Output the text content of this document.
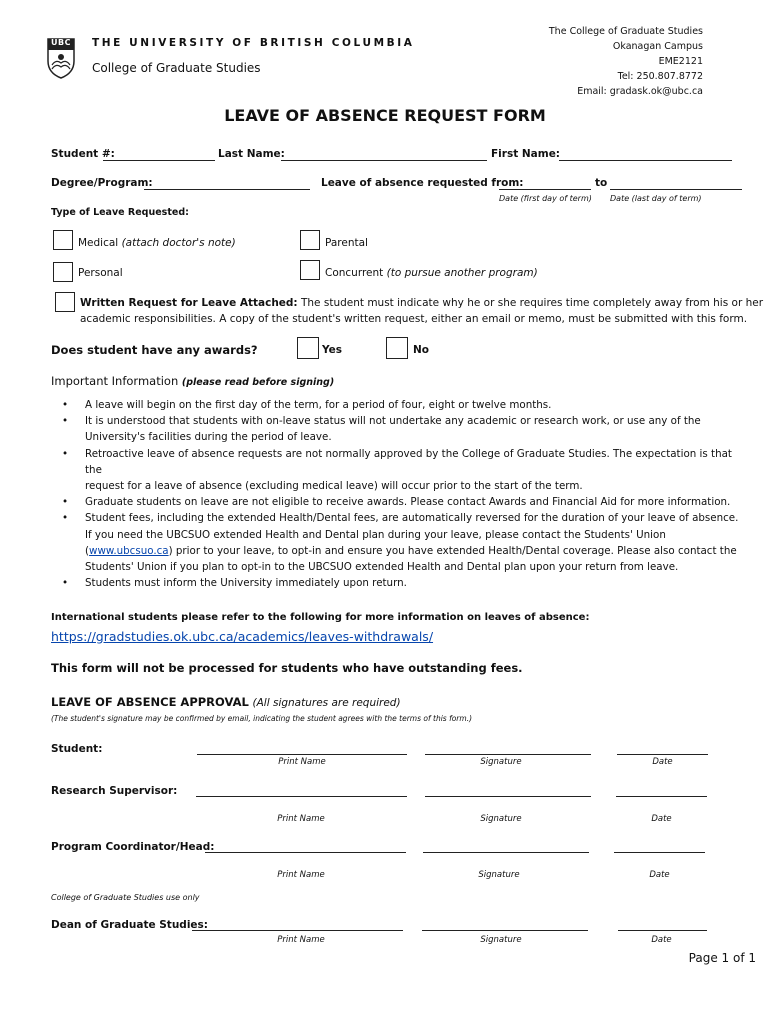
UBC THE UNIVERSITY OF BRITISH COLUMBIA
College of Graduate Studies
The College of Graduate Studies
Okanagan Campus
EME2121
Tel: 250.807.8772
Email: gradask.ok@ubc.ca
LEAVE OF ABSENCE REQUEST FORM
Student #:	Last Name:	First Name:
Degree/Program:	Leave of absence requested from:	to
Date (first day of term) Date (last day of term)
Type of Leave Requested:
Medical (attach doctor's note)	Parental
Personal	Concurrent (to pursue another program)
Written Request for Leave Attached: The student must indicate why he or she requires time completely away from his or her
academic responsibilities. A copy of the student's written request, either an email or memo, must be submitted with this form.
Does student have any awards?	Yes	No
Important Information (please read before signing)
• A leave will begin on the first day of the term, for a period of four, eight or twelve months.
• It is understood that students with on-leave status will not undertake any academic or research work, or use any of the
University's facilities during the period of leave.
• Retroactive leave of absence requests are not normally approved by the College of Graduate Studies. The expectation is that the
request for a leave of absence (excluding medical leave) will occur prior to the start of the term.
• Graduate students on leave are not eligible to receive awards. Please contact Awards and Financial Aid for more information.
• Student fees, including the extended Health/Dental fees, are automatically reversed for the duration of your leave of absence.
If you need the UBCSUO extended Health and Dental plan during your leave, please contact the Students' Union
(www.ubcsuo.ca) prior to your leave, to opt-in and ensure you have extended Health/Dental coverage. Please also contact the
Students' Union if you plan to opt-in to the UBCSUO extended Health and Dental plan upon your return from leave.
• Students must inform the University immediately upon return.
International students please refer to the following for more information on leaves of absence:
https://gradstudies.ok.ubc.ca/academics/leaves-withdrawals/
This form will not be processed for students who have outstanding fees.
LEAVE OF ABSENCE APPROVAL (All signatures are required)
(The student's signature may be confirmed by email, indicating the student agrees with the terms of this form.)
Student:
Print Name	Signature	Date
Research Supervisor:
Print Name	Signature	Date
Program Coordinator/Head:
Print Name	Signature	Date
College of Graduate Studies use only
Dean of Graduate Studies:
Print Name	Signature	Date
Page 1 of 1
